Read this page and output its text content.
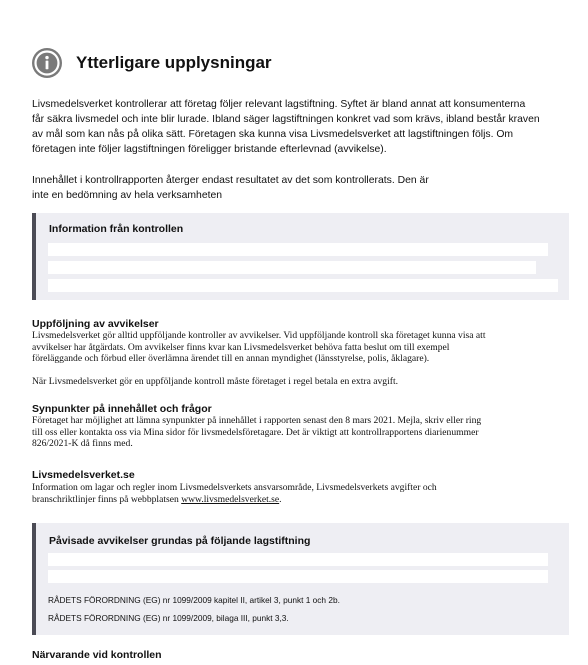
Ytterligare upplysningar
Livsmedelsverket kontrollerar att företag följer relevant lagstiftning. Syftet är bland annat att konsumenterna
får säkra livsmedel och inte blir lurade. Ibland säger lagstiftningen konkret vad som krävs, ibland består kraven
av mål som kan nås på olika sätt. Företagen ska kunna visa Livsmedelsverket att lagstiftningen följs. Om
företagen inte följer lagstiftningen föreligger bristande efterlevnad (avvikelse).
Innehållet i kontrollrapporten återger endast resultatet av det som kontrollerats. Den är
inte en bedömning av hela verksamheten
Information från kontrollen
Uppföljning av avvikelser
Livsmedelsverket gör alltid uppföljande kontroller av avvikelser. Vid uppföljande kontroll ska företaget kunna visa att
avvikelser har åtgärdats. Om avvikelser finns kvar kan Livsmedelsverket behöva fatta beslut om till exempel
föreläggande och förbud eller överlämna ärendet till en annan myndighet (länsstyrelse, polis, åklagare).
När Livsmedelsverket gör en uppföljande kontroll måste företaget i regel betala en extra avgift.
Synpunkter på innehållet och frågor
Företaget har möjlighet att lämna synpunkter på innehållet i rapporten senast den 8 mars 2021. Mejla, skriv eller ring
till oss eller kontakta oss via Mina sidor för livsmedelsföretagare. Det är viktigt att kontrollrapportens diarienummer
826/2021-K då finns med.
Livsmedelsverket.se
Information om lagar och regler inom Livsmedelsverkets ansvarsområde, Livsmedelsverkets avgifter och
branschriktlinjer finns på webbplatsen www.livsmedelsverket.se.
Påvisade avvikelser grundas på följande lagstiftning
RÅDETS FÖRORDNING (EG) nr 1099/2009 kapitel II, artikel 3, punkt 1 och 2b.
RÅDETS FÖRORDNING (EG) nr 1099/2009, bilaga III, punkt 3,3.
Närvarande vid kontrollen
